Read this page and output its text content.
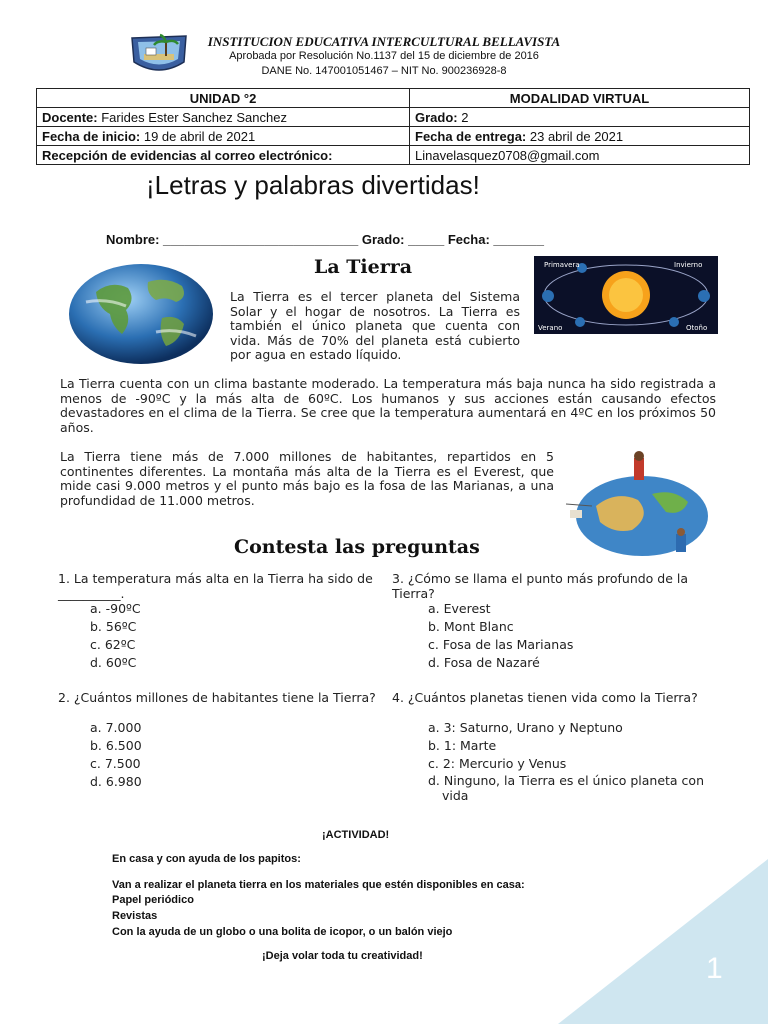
INSTITUCION EDUCATIVA INTERCULTURAL BELLAVISTA
Aprobada por Resolución No.1137 del 15 de diciembre de 2016
DANE No. 147001051467 – NIT No. 900236928-8
UNIDAD °2	MODALIDAD VIRTUAL
Docente: Farides Ester Sanchez Sanchez	Grado: 2
Fecha de inicio: 19 de abril de 2021	Fecha de entrega: 23 abril de 2021
Recepción de evidencias al correo electrónico:	Linavelasquez0708@gmail.com
¡Letras y palabras divertidas!
Nombre: ___________________________ Grado: _____ Fecha: _______
La Tierra	Primavera	Invierno
Verano	Otoño
La Tierra es el tercer planeta del Sistema Solar y el hogar de nosotros. La Tierra es también el único planeta que cuenta con vida. Más de 70% del planeta está cubierto por agua en estado líquido.
La Tierra cuenta con un clima bastante moderado. La temperatura más baja nunca ha sido registrada a menos de -90ºC y la más alta de 60ºC. Los humanos y sus acciones están causando efectos devastadores en el clima de la Tierra. Se cree que la temperatura aumentará en 4ºC en los próximos 50 años.
La Tierra tiene más de 7.000 millones de habitantes, repartidos en 5 continentes diferentes. La montaña más alta de la Tierra es el Everest, que mide casi 9.000 metros y el punto más bajo es la fosa de las Marianas, a una profundidad de 11.000 metros.
Contesta las preguntas
1. La temperatura más alta en la Tierra ha sido de __________.
a. -90ºC
b. 56ºC
c. 62ºC
d. 60ºC
2. ¿Cuántos millones de habitantes tiene la Tierra?
a. 7.000
b. 6.500
c. 7.500
d. 6.980
3. ¿Cómo se llama el punto más profundo de la Tierra?
a. Everest
b. Mont Blanc
c. Fosa de las Marianas
d. Fosa de Nazaré
4. ¿Cuántos planetas tienen vida como la Tierra?
a. 3: Saturno, Urano y Neptuno
b. 1: Marte
c. 2: Mercurio y Venus
d. Ninguno, la Tierra es el único planeta con vida
¡ACTIVIDAD!
En casa y con ayuda de los papitos:
Van a realizar el planeta tierra en los materiales que estén disponibles en casa:
Papel periódico
Revistas
Con la ayuda de un globo o una bolita de icopor, o un balón viejo
¡Deja volar toda tu creatividad!	1
